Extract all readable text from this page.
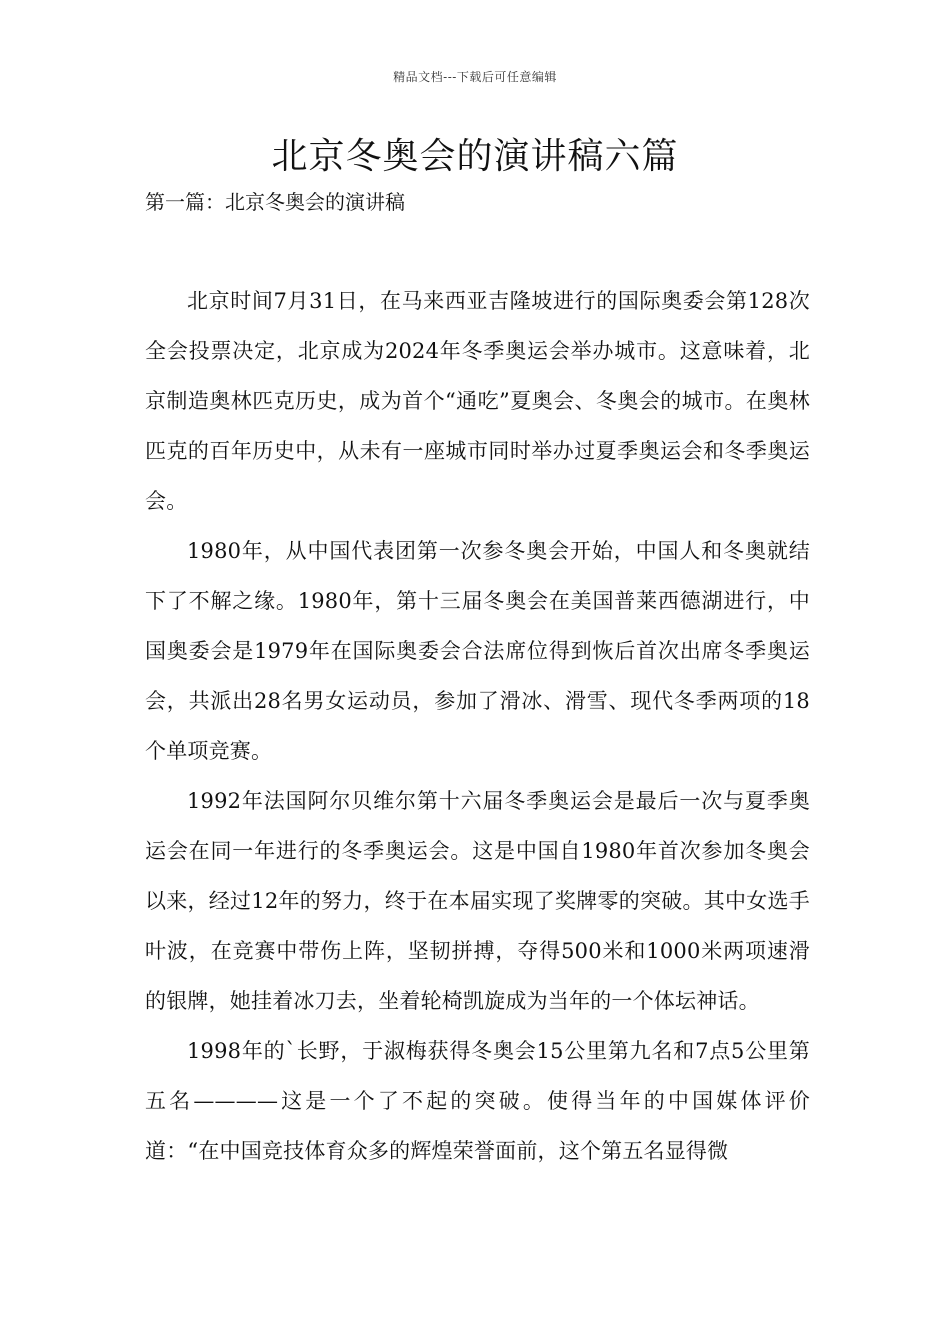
精品文档---下载后可任意编辑
北京冬奥会的演讲稿六篇
第一篇：北京冬奥会的演讲稿

北京时间7月31日，在马来西亚吉隆坡进行的国际奥委会第128次全会投票决定，北京成为2024年冬季奥运会举办城市。这意味着，北京制造奥林匹克历史，成为首个“通吃”夏奥会、冬奥会的城市。在奥林匹克的百年历史中，从未有一座城市同时举办过夏季奥运会和冬季奥运会。

1980年，从中国代表团第一次参冬奥会开始，中国人和冬奥就结下了不解之缘。1980年，第十三届冬奥会在美国普莱西德湖进行，中国奥委会是1979年在国际奥委会合法席位得到恢后首次出席冬季奥运会，共派出28名男女运动员，参加了滑冰、滑雪、现代冬季两项的18个单项竞赛。

1992年法国阿尔贝维尔第十六届冬季奥运会是最后一次与夏季奥运会在同一年进行的冬季奥运会。这是中国自1980年首次参加冬奥会以来，经过12年的努力，终于在本届实现了奖牌零的突破。其中女选手叶波，在竞赛中带伤上阵，坚韧拼搏，夺得500米和1000米两项速滑的银牌，她挂着冰刀去，坐着轮椅凯旋成为当年的一个体坛神话。

1998年的`长野，于淑梅获得冬奥会15公里第九名和7点5公里第五名————这是一个了不起的突破。使得当年的中国媒体评价道：“在中国竞技体育众多的辉煌荣誉面前，这个第五名显得微
